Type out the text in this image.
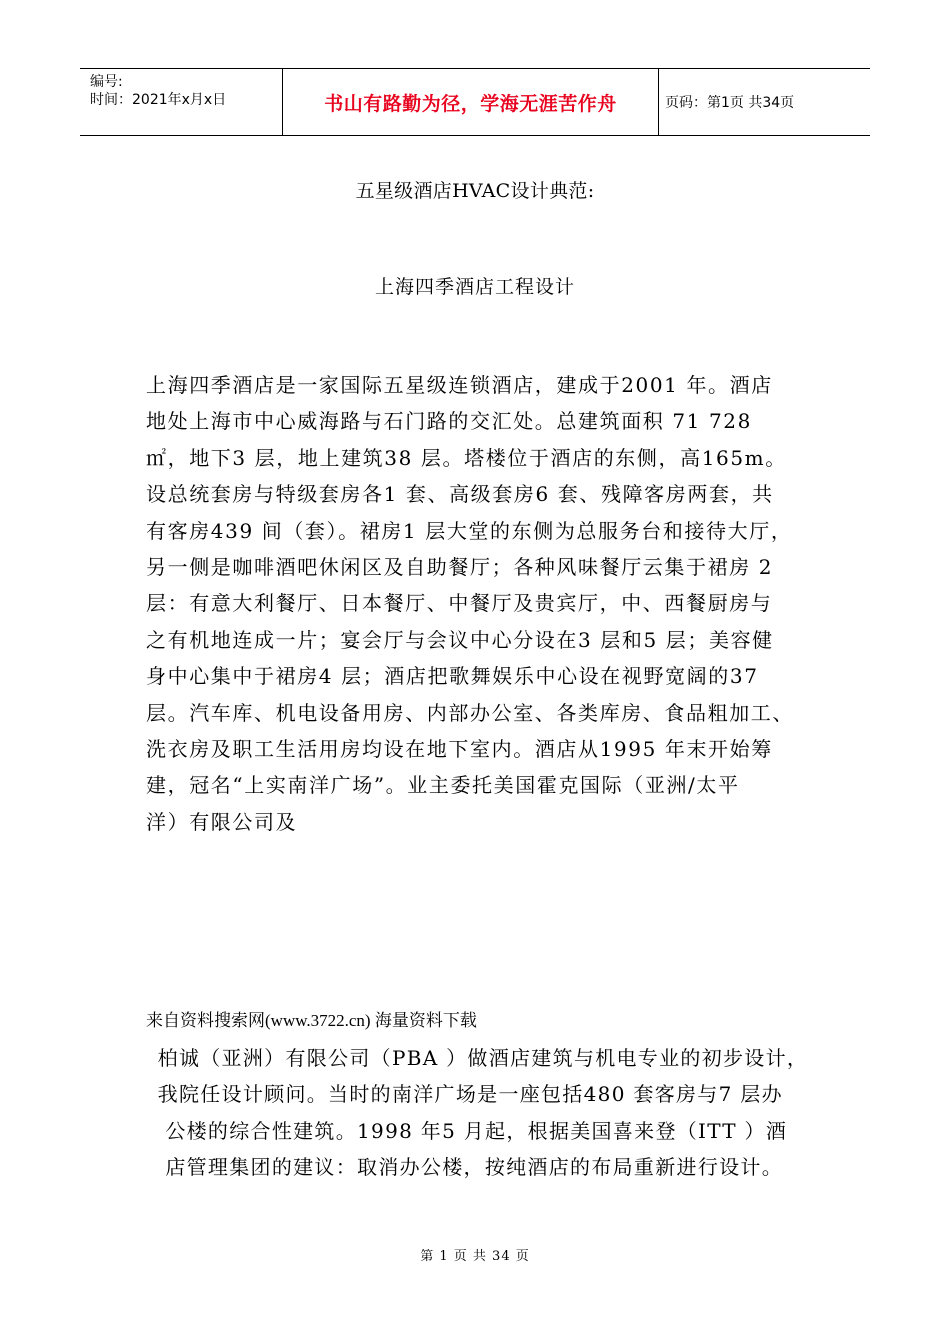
编号:
时间：2021年x月x日	书山有路勤为径，学海无涯苦作舟	页码：第1页 共34页
五星级酒店HVAC设计典范:
上海四季酒店工程设计
上海四季酒店是一家国际五星级连锁酒店，建成于2001 年。酒店
地处上海市中心威海路与石门路的交汇处。总建筑面积 71 728
㎡，地下3 层，地上建筑38 层。塔楼位于酒店的东侧，高165m。
设总统套房与特级套房各1 套、高级套房6 套、残障客房两套，共
有客房439 间（套）。裙房1 层大堂的东侧为总服务台和接待大厅，
另一侧是咖啡酒吧休闲区及自助餐厅；各种风味餐厅云集于裙房 2
层：有意大利餐厅、日本餐厅、中餐厅及贵宾厅，中、西餐厨房与
之有机地连成一片；宴会厅与会议中心分设在3 层和5 层；美容健
身中心集中于裙房4 层；酒店把歌舞娱乐中心设在视野宽阔的37
层。汽车库、机电设备用房、内部办公室、各类库房、食品粗加工、
洗衣房及职工生活用房均设在地下室内。酒店从1995 年末开始筹
建，冠名“上实南洋广场”。业主委托美国霍克国际（亚洲/太平
洋）有限公司及
来自资料搜索网(www.3722.cn) 海量资料下载
柏诚（亚洲）有限公司（PBA ）做酒店建筑与机电专业的初步设计，
我院任设计顾问。当时的南洋广场是一座包括480 套客房与7 层办
公楼的综合性建筑。1998 年5 月起，根据美国喜来登（ITT ）酒
店管理集团的建议：取消办公楼，按纯酒店的布局重新进行设计。
第 1 页 共 34 页
